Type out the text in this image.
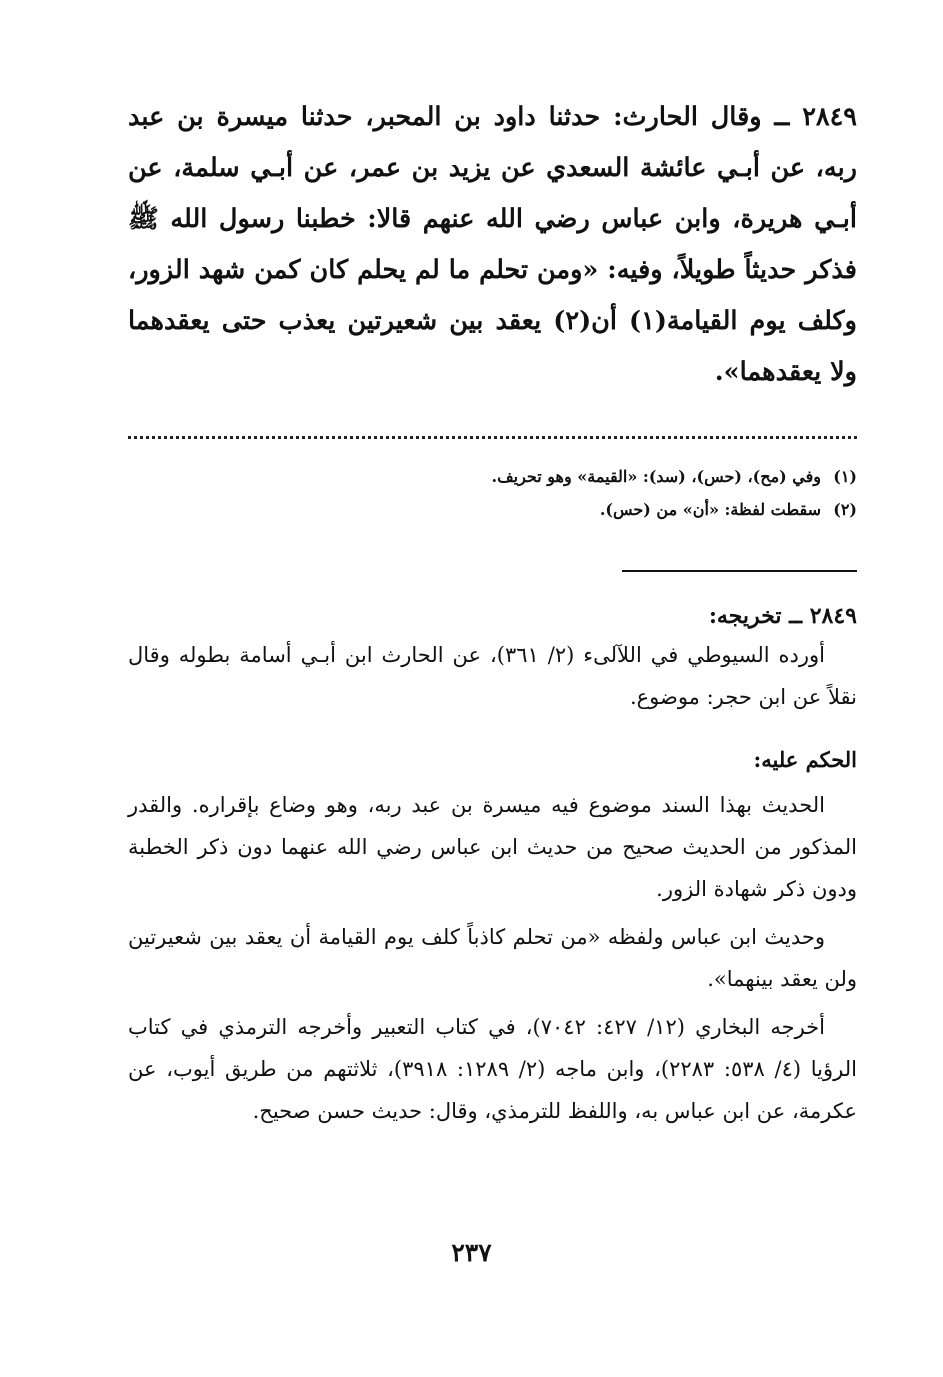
٢٨٤٩ ــ وقال الحارث: حدثنا داود بن المحبر، حدثنا ميسرة بن عبد ربه، عن أبـي عائشة السعدي عن يزيد بن عمر، عن أبـي سلمة، عن أبـي هريرة، وابن عباس رضي الله عنهم قالا: خطبنا رسول الله ﷺ فذكر حديثاً طويلاً، وفيه: «ومن تحلم ما لم يحلم كان كمن شهد الزور، وكلف يوم القيامة(١) أن(٢) يعقد بين شعيرتين يعذب حتى يعقدهما ولا يعقدهما».

(١)وفي (مح)، (حس)، (سد): «القيمة» وهو تحريف.

(٢)سقطت لفظة: «أن» من (حس).

٢٨٤٩ ــ تخريجه:

أورده السيوطي في اللآلىء (٢/ ٣٦١)، عن الحارث ابن أبـي أسامة بطوله وقال نقلاً عن ابن حجر: موضوع.

الحكم عليه:

الحديث بهذا السند موضوع فيه ميسرة بن عبد ربه، وهو وضاع بإقراره. والقدر المذكور من الحديث صحيح من حديث ابن عباس رضي الله عنهما دون ذكر الخطبة ودون ذكر شهادة الزور.

وحديث ابن عباس ولفظه «من تحلم كاذباً كلف يوم القيامة أن يعقد بين شعيرتين ولن يعقد بينهما».

أخرجه البخاري (١٢/ ٤٢٧: ٧٠٤٢)، في كتاب التعبير وأخرجه الترمذي في كتاب الرؤيا (٤/ ٥٣٨: ٢٢٨٣)، وابن ماجه (٢/ ١٢٨٩: ٣٩١٨)، ثلاثتهم من طريق أيوب، عن عكرمة، عن ابن عباس به، واللفظ للترمذي، وقال: حديث حسن صحيح.

٢٣٧
